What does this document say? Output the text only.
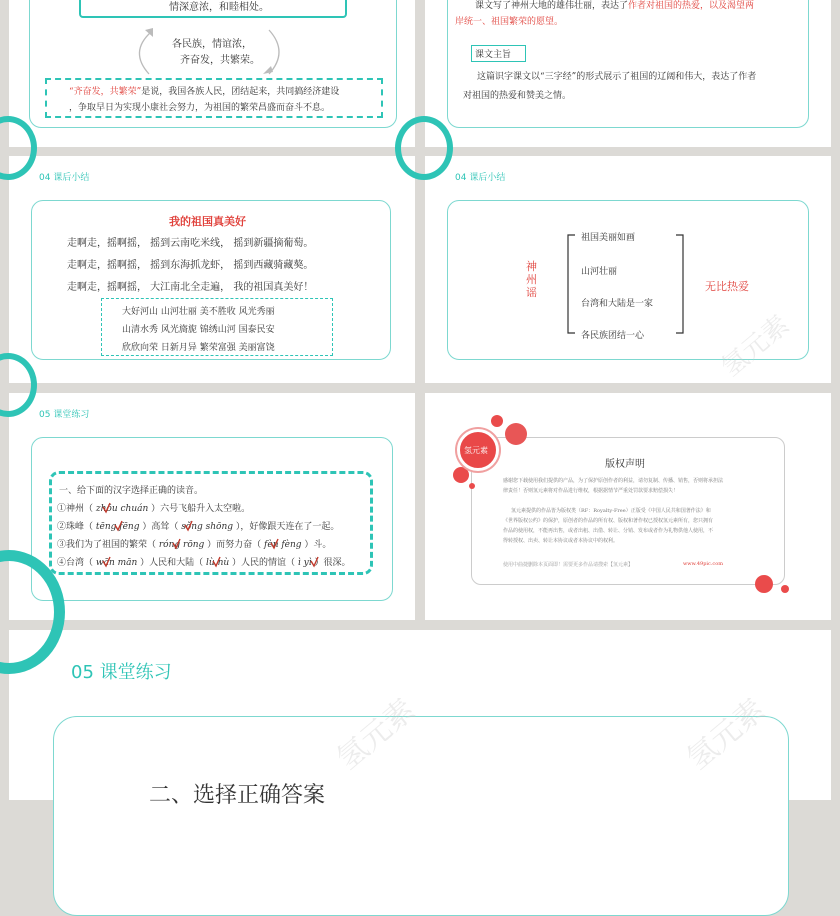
情深意浓，和睦相处。
各民族，情谊浓，
齐奋发，共繁荣。
“齐奋发，共繁荣”是说，我国各族人民，团结起来，共同搞经济建设
，争取早日为实现小康社会努力，为祖国的繁荣昌盛而奋斗不息。
课文写了神州大地的雄伟壮丽，表达了作者对祖国的热爱，以及渴望两
岸统一、祖国繁荣的愿望。
课文主旨
这篇识字课文以“三字经”的形式展示了祖国的辽阔和伟大，表达了作者
对祖国的热爱和赞美之情。
04 课后小结
我的祖国真美好
走啊走，摇啊摇， 摇到云南吃米线， 摇到新疆摘葡萄。
走啊走，摇啊摇， 摇到东海抓龙虾， 摇到西藏骑藏獒。
走啊走，摇啊摇， 大江南北全走遍， 我的祖国真美好！
大好河山 山河壮丽 美不胜收 风光秀丽
山清水秀 风光旖旎 锦绣山河 国泰民安
欣欣向荣 日新月异 繁荣富强 美丽富饶
04 课后小结
神州谣
祖国美丽如画
山河壮丽
台湾和大陆是一家
各民族团结一心
无比热爱
氢元素
05 课堂练习
一、给下面的汉字选择正确的读音。
①神州（ zhōu chuán ）六号飞船升入太空啦。
②珠峰（ tēng fēng ）高耸（ sǒng shōng ），好像跟天连在了一起。
③我们为了祖国的繁荣（ róng rōng ）而努力奋（ fèn fèng ）斗。
④台湾（ wān mān ）人民和大陆（ lù nù ）人民的情谊（ ì yì ）很深。
氢元素
版权声明
感谢您下载使用我们提供的产品，为了保护原创作者的利益，请勿复制、传播、销售，否则将承担法
律责任！否则氢元素将对作品进行维权，根据据情节严重处罚款要求赔偿损失！
氢元素提供的作品皆为版权类（RF：Royalty-Free）正版受《中国人民共和国著作法》和
《世界版权公约》的保护，原创者的作品的所有权、版权和著作权已授权氢元素所有，您只拥有
作品的使用权，不能再出售，或者出租、出借、转让、分销、发布或者作为礼物供他人使用，不
得转授权、出卖、转让本协议或者本协议中的权利。
使用中曲捷删除本页面即！需要更多作品请搜索【氢元素】	www.49pic.com
05 课堂练习
二、选择正确答案
氢元素	氢元素
